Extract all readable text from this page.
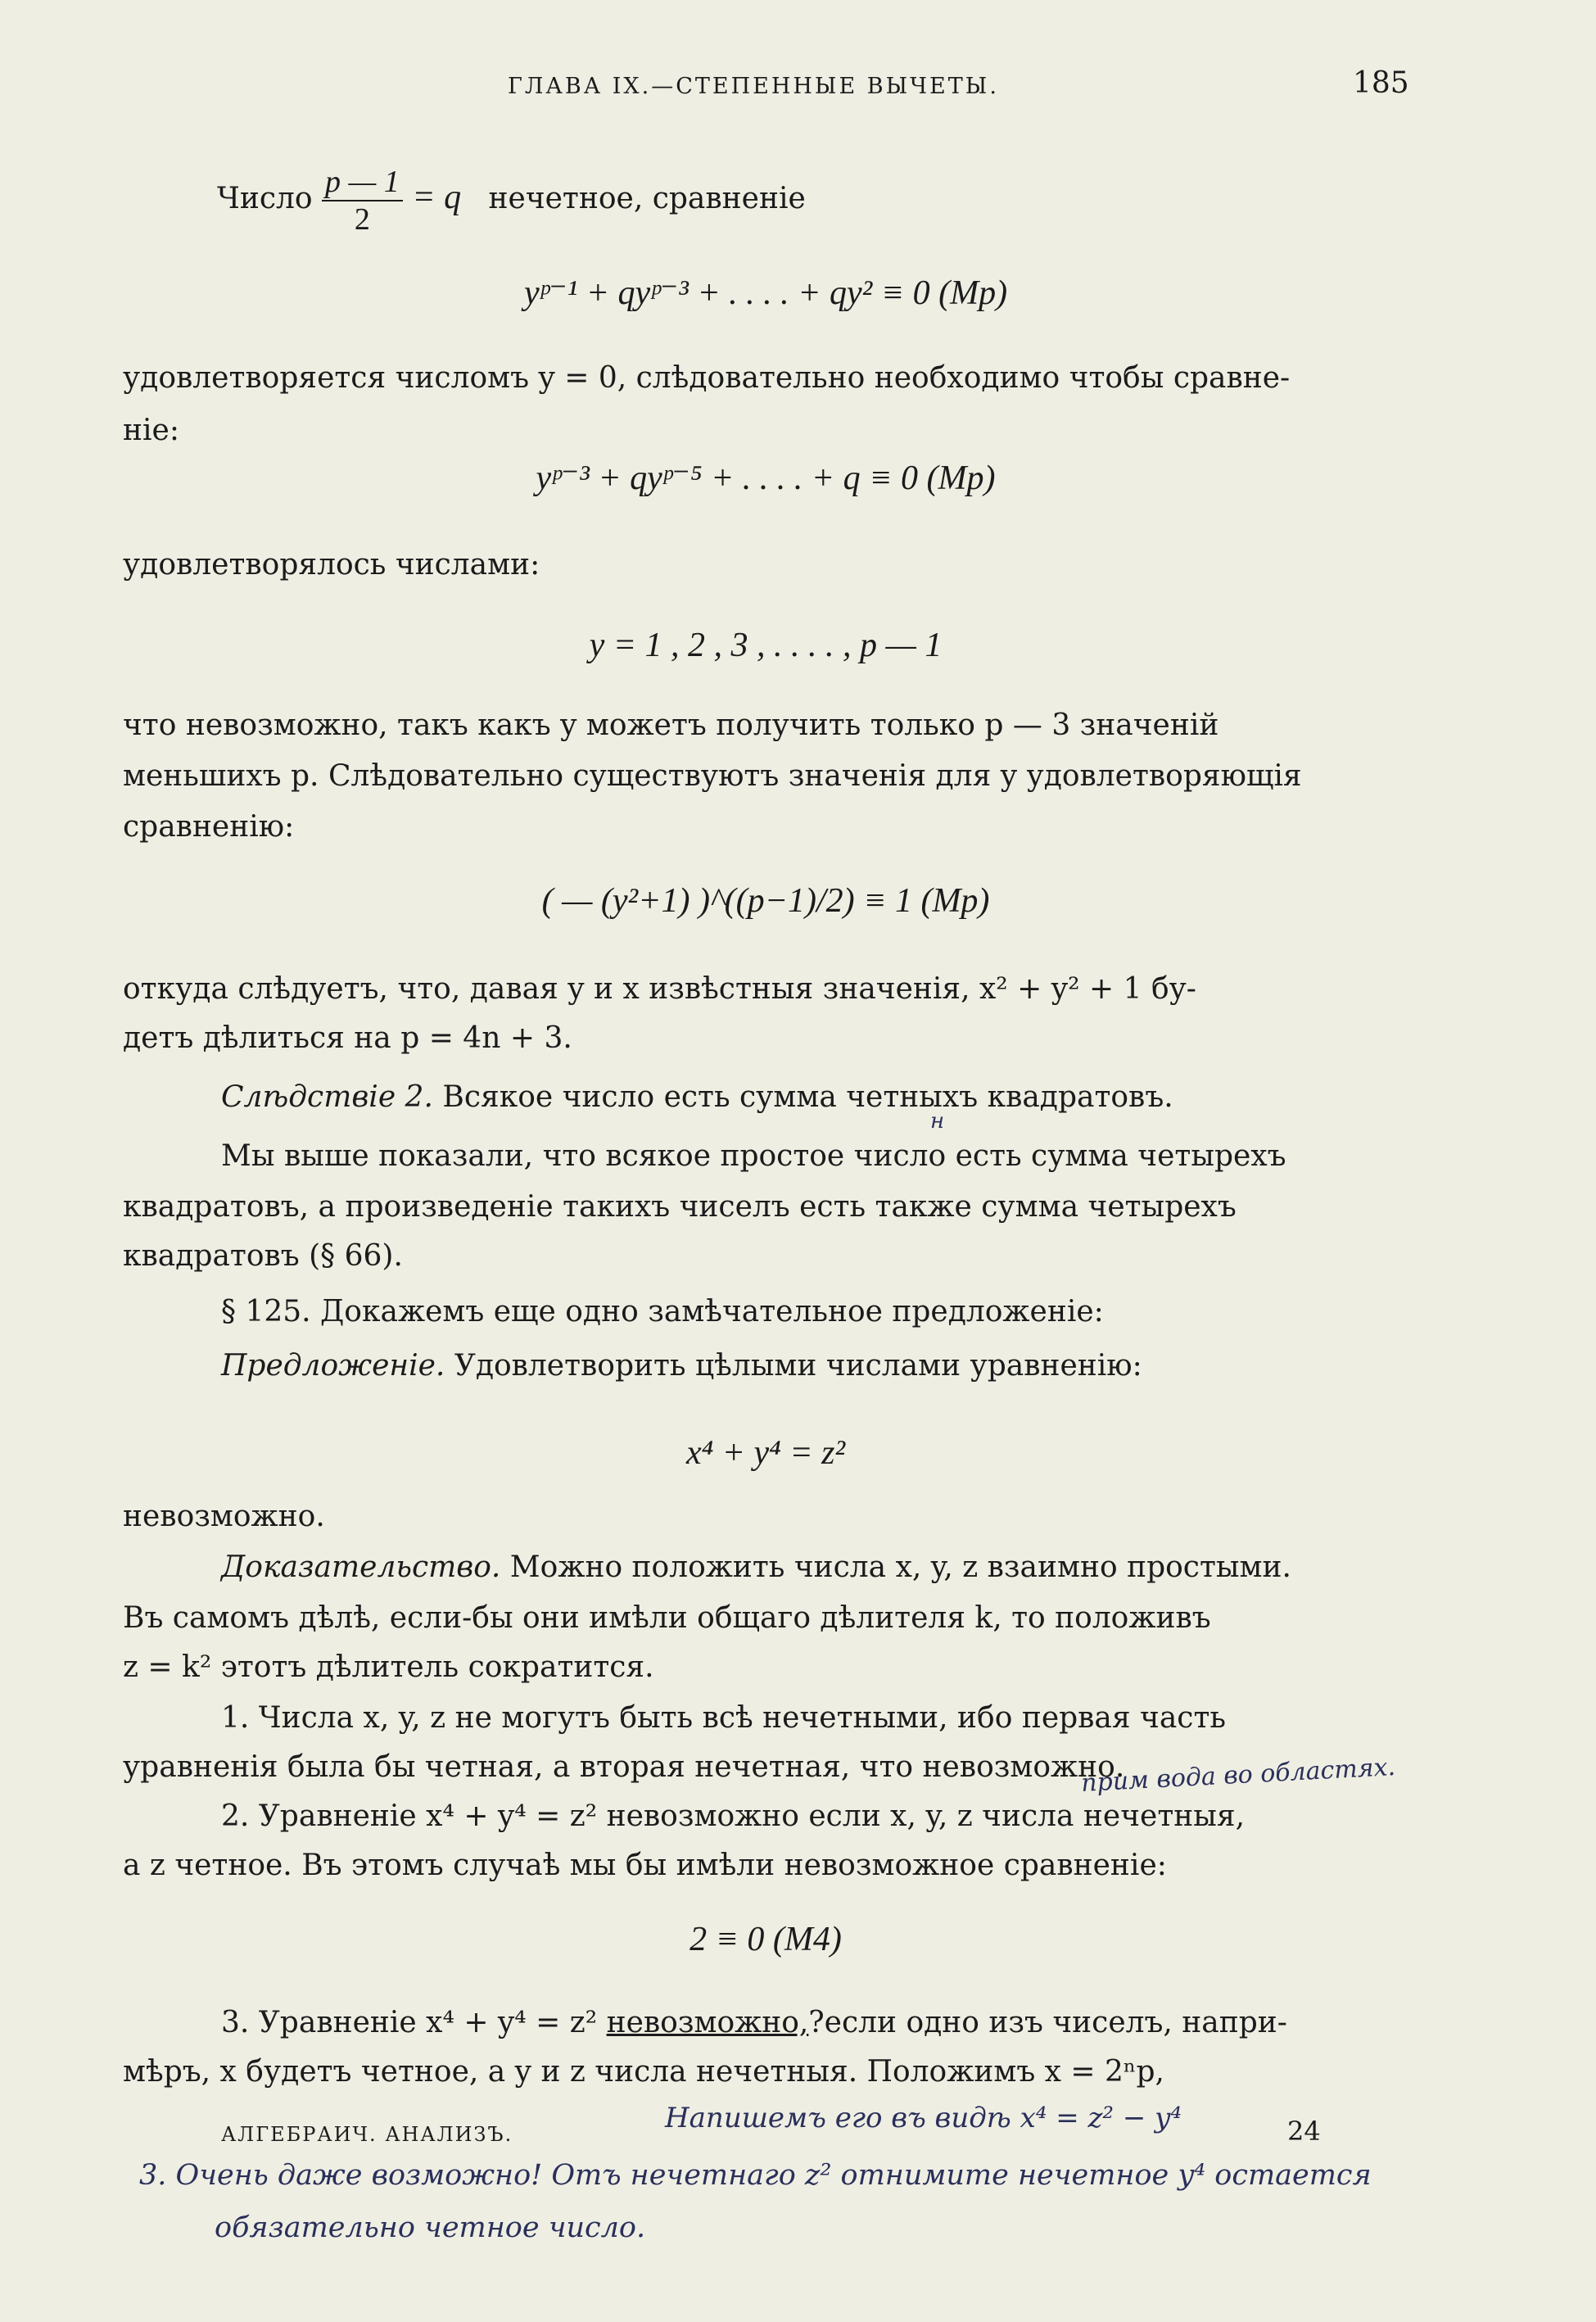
ГЛАВА IX.—СТЕПЕННЫЕ ВЫЧЕТЫ.	185
Число $\frac{p — 1}{2} = q$ нечетное, сравненіе
yᵖ⁻¹ + qyᵖ⁻³ + . . . . + qy² ≡ 0 (Mp)
удовлетворяется числомъ y = 0, слѣдовательно необходимо чтобы сравне-
ніе:
yᵖ⁻³ + qyᵖ⁻⁵ + . . . . + q ≡ 0 (Mp)
удовлетворялось числами:
y = 1 , 2 , 3 , . . . . , p — 1
что невозможно, такъ какъ y можетъ получить только p — 3 значеній
меньшихъ p. Слѣдовательно существуютъ значенія для y удовлетворяющія
сравненію:
( — (y²+1) )^((p−1)/2) ≡ 1 (Mp)
откуда слѣдуетъ, что, давая y и x извѣстныя значенія, x² + y² + 1 бу-
детъ дѣлиться на p = 4n + 3.
Слѣдствіе 2. Всякое число есть сумма четныхъ квадратовъ.
н
Мы выше показали, что всякое простое число есть сумма четырехъ
квадратовъ, а произведеніе такихъ чиселъ есть также сумма четырехъ
квадратовъ (§ 66).
§ 125. Докажемъ еще одно замѣчательное предложеніе:
Предложеніе. Удовлетворить цѣлыми числами уравненію:
x⁴ + y⁴ = z²
невозможно.
Доказательство. Можно положить числа x, y, z взаимно простыми.
Въ самомъ дѣлѣ, если-бы они имѣли общаго дѣлителя k, то положивъ
z = k² этотъ дѣлитель сократится.
1. Числа x, y, z не могутъ быть всѣ нечетными, ибо первая часть
уравненія была бы четная, а вторая нечетная, что невозможно.
прим вода во областях.
2. Уравненіе x⁴ + y⁴ = z² невозможно если x, y, z числа нечетныя,
а z четное. Въ этомъ случаѣ мы бы имѣли невозможное сравненіе:
2 ≡ 0 (M4)
3. Уравненіе x⁴ + y⁴ = z² невозможно,?если одно изъ чиселъ, напри-
мѣръ, x будетъ четное, а y и z числа нечетныя. Положимъ x = 2ⁿp,
АЛГЕБРАИЧ. АНАЛИЗЪ.	Напишемъ его въ видѣ x⁴ = z² − y⁴	24
3. Очень даже возможно! Отъ нечетнаго z² отнимите нечетное y⁴ остается
обязательно четное число.
